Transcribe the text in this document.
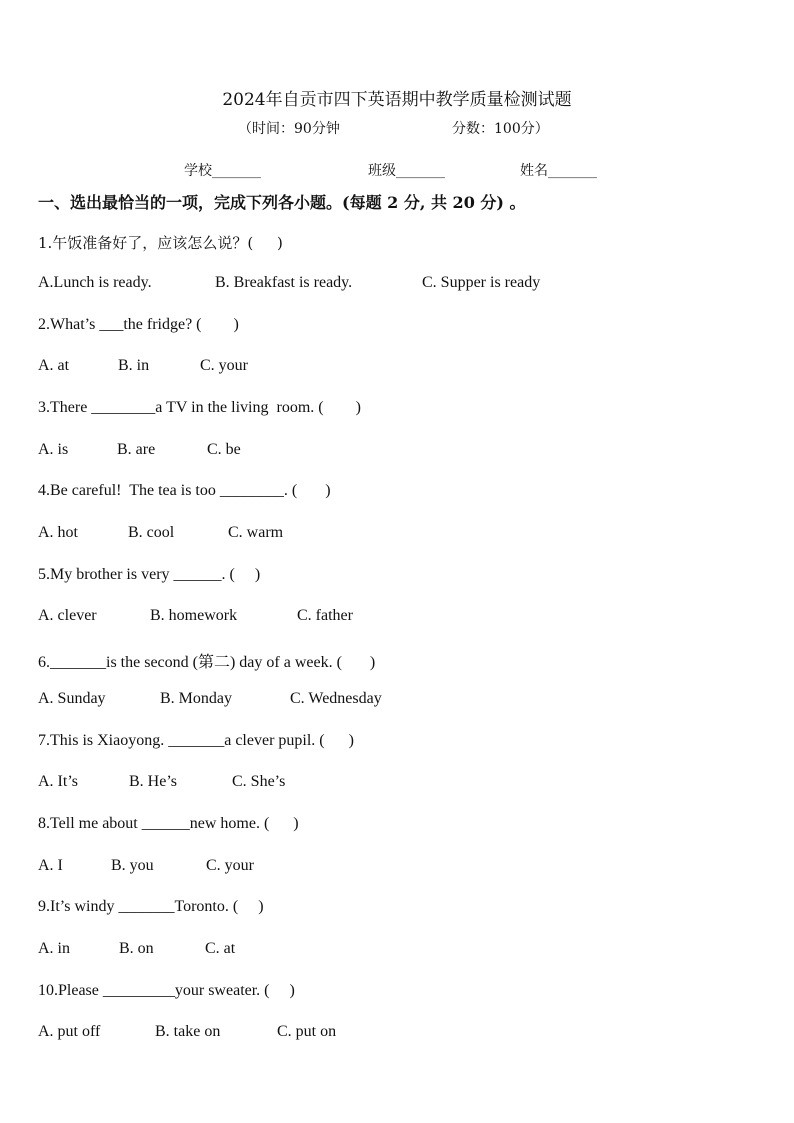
2024年自贡市四下英语期中教学质量检测试题
（时间：90分钟	分数：100分）
学校_______	班级_______	姓名_______
一、选出最恰当的一项，完成下列各小题。(每题 2 分, 共 20 分) 。
1.午饭准备好了，应该怎么说？(     )
A.Lunch is ready.	B. Breakfast is ready.	C. Supper is ready
2.What’s ___the fridge? (        )
A. at	B. in	C. your
3.There ________a TV in the living  room. (        )
A. is	B. are	C. be
4.Be careful!  The tea is too ________. (       )
A. hot	B. cool	C. warm
5.My brother is very ______. (     )
A. clever	B. homework	C. father
6._______is the second (第二) day of a week. (       )
A. Sunday	B. Monday	C. Wednesday
7.This is Xiaoyong. _______a clever pupil. (      )
A. It’s	B. He’s	C. She’s
8.Tell me about ______new home. (      )
A. I	B. you	C. your
9.It’s windy _______Toronto. (     )
A. in	B. on	C. at
10.Please _________your sweater. (     )
A. put off	B. take on	C. put on
